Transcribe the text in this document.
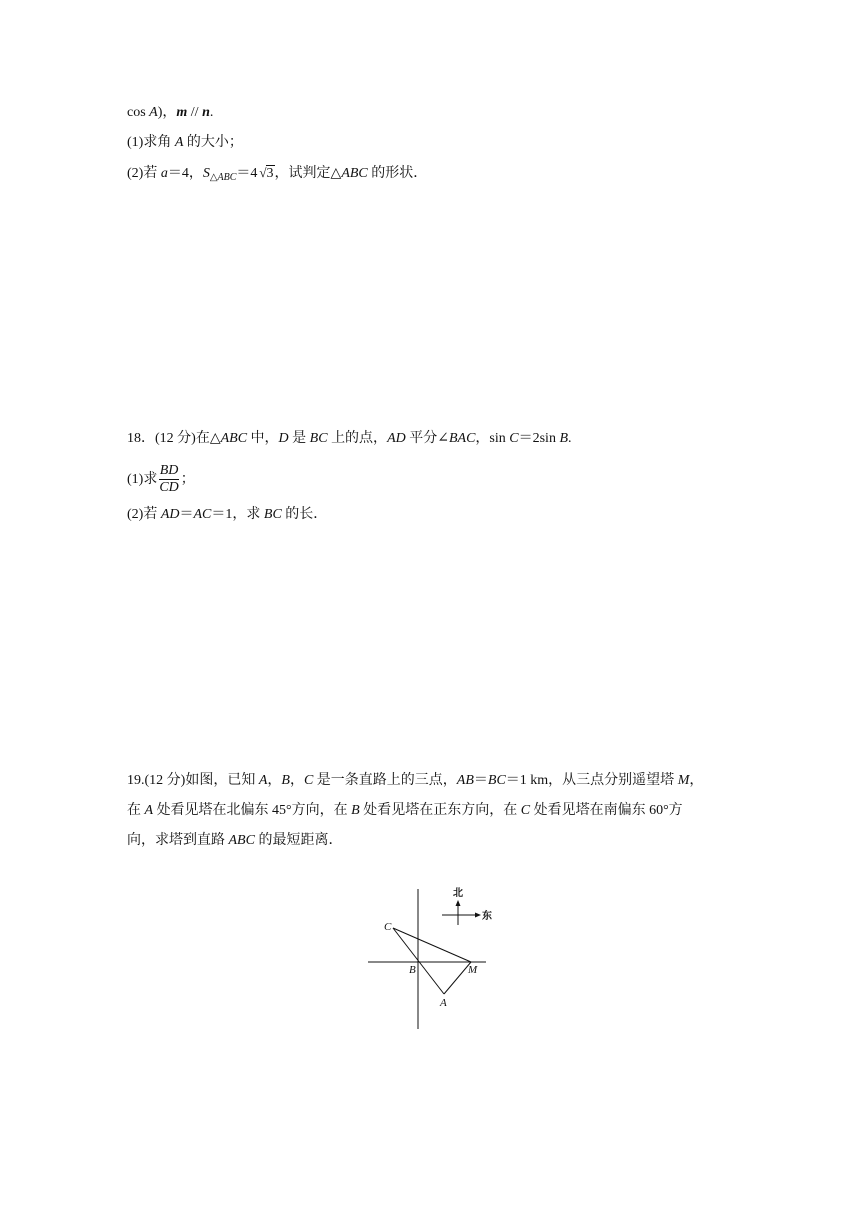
cos A)，m // n.
(1)求角 A 的大小；
(2)若 a＝4，$S_{\triangle ABC}=4$ √3，试判定△ABC 的形状．
18．(12 分)在△ABC 中，D 是 BC 上的点，AD 平分∠BAC，sin C＝2sin B.
(1)求 $\frac{BD}{CD}$ ；
(2)若 AD＝AC＝1，求 BC 的长．
19.(12 分)如图，已知 A，B，C 是一条直路上的三点，AB＝BC＝1 km，从三点分别遥望塔 M，
在 A 处看见塔在北偏东 45°方向，在 B 处看见塔在正东方向，在 C 处看见塔在南偏东 60°方
向，求塔到直路 ABC 的最短距离．
北
东
C
B	M
A
